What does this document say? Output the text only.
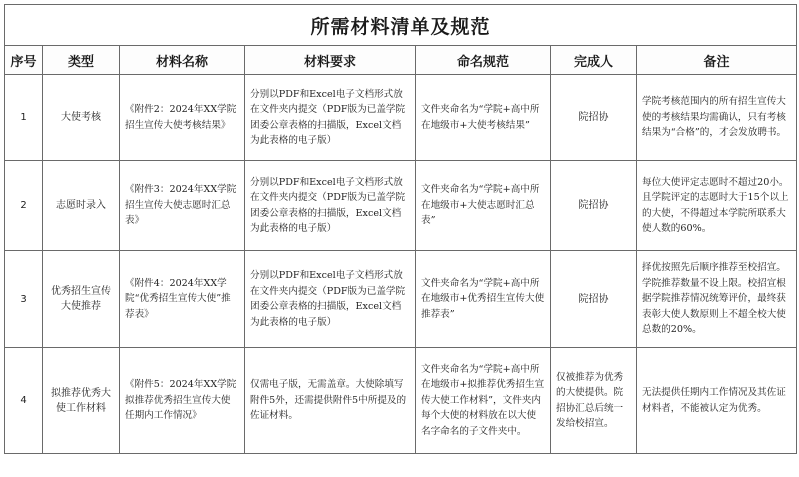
所需材料清单及规范						
序号	类型	材料名称	材料要求	命名规范	完成人	备注
1	大使考核	《附件2：2024年XX学院招生宣传大使考核结果》	分别以PDF和Excel电子文档形式放在文件夹内提交（PDF版为已盖学院团委公章表格的扫描版，Excel文档为此表格的电子版）	文件夹命名为“学院+高中所在地级市+大使考核结果”	院招协	学院考核范围内的所有招生宣传大使的考核结果均需确认，只有考核结果为“合格”的，才会发放聘书。
2	志愿时录入	《附件3：2024年XX学院招生宣传大使志愿时汇总表》	分别以PDF和Excel电子文档形式放在文件夹内提交（PDF版为已盖学院团委公章表格的扫描版，Excel文档为此表格的电子版）	文件夹命名为“学院+高中所在地级市+大使志愿时汇总表”	院招协	每位大使评定志愿时不超过20小。且学院评定的志愿时大于15个以上的大使，不得超过本学院所联系大使人数的60%。
3	优秀招生宣传大使推荐	《附件4：2024年XX学院“优秀招生宣传大使”推荐表》	分别以PDF和Excel电子文档形式放在文件夹内提交（PDF版为已盖学院团委公章表格的扫描版，Excel文档为此表格的电子版）	文件夹命名为“学院+高中所在地级市+优秀招生宣传大使推荐表”	院招协	择优按照先后顺序推荐至校招宣。学院推荐数量不设上限。校招宣根据学院推荐情况统筹评价，最终获表彰大使人数原则上不超全校大使总数的20%。
4	拟推荐优秀大使工作材料	《附件5：2024年XX学院拟推荐优秀招生宣传大使任期内工作情况》	仅需电子版，无需盖章。大使除填写附件5外，还需提供附件5中所提及的佐证材料。	文件夹命名为“学院+高中所在地级市+拟推荐优秀招生宣传大使工作材料”，文件夹内每个大使的材料放在以大使名字命名的子文件夹中。	仅被推荐为优秀的大使提供。院招协汇总后统一发给校招宣。	无法提供任期内工作情况及其佐证材料者，不能被认定为优秀。
